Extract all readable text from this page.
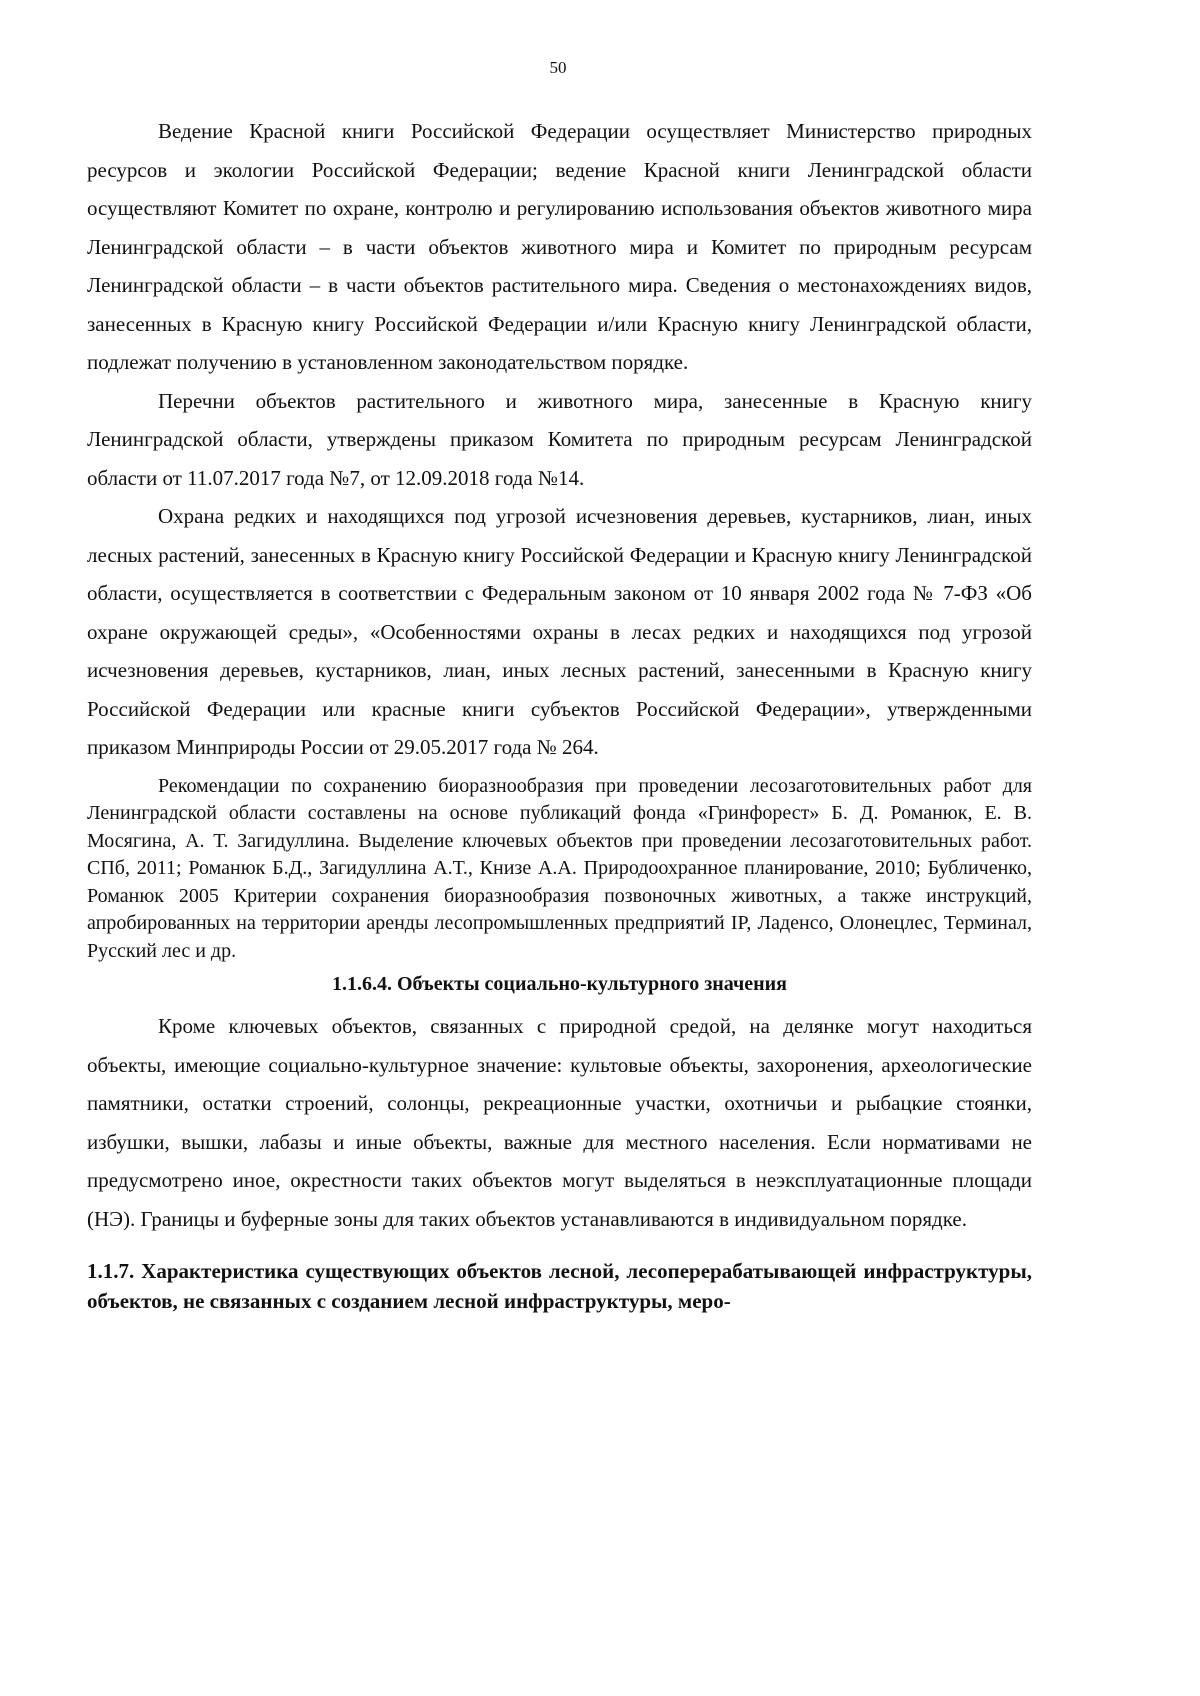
50

Ведение Красной книги Российской Федерации осуществляет Министерство природных ресурсов и экологии Российской Федерации; ведение Красной книги Ленинградской области осуществляют Комитет по охране, контролю и регулированию использования объектов животного мира Ленинградской области – в части объектов животного мира и Комитет по природным ресурсам Ленинградской области – в части объектов растительного мира. Сведения о местонахождениях видов, занесенных в Красную книгу Российской Федерации и/или Красную книгу Ленинградской области, подлежат получению в установленном законодательством порядке.

Перечни объектов растительного и животного мира, занесенные в Красную книгу Ленинградской области, утверждены приказом Комитета по природным ресурсам Ленинградской области от 11.07.2017 года №7, от 12.09.2018 года №14.

Охрана редких и находящихся под угрозой исчезновения деревьев, кустарников, лиан, иных лесных растений, занесенных в Красную книгу Российской Федерации и Красную книгу Ленинградской области, осуществляется в соответствии с Федеральным законом от 10 января 2002 года № 7-ФЗ «Об охране окружающей среды», «Особенностями охраны в лесах редких и находящихся под угрозой исчезновения деревьев, кустарников, лиан, иных лесных растений, занесенными в Красную книгу Российской Федерации или красные книги субъектов Российской Федерации», утвержденными приказом Минприроды России от 29.05.2017 года № 264.

Рекомендации по сохранению биоразнообразия при проведении лесозаготовительных работ для Ленинградской области составлены на основе публикаций фонда «Гринфорест» Б. Д. Романюк, Е. В. Мосягина, А. Т. Загидуллина. Выделение ключевых объектов при проведении лесозаготовительных работ. СПб, 2011; Романюк Б.Д., Загидуллина А.Т., Книзе А.А. Природоохранное планирование, 2010; Бубличенко, Романюк 2005 Критерии сохранения биоразнообразия позвоночных животных, а также инструкций, апробированных на территории аренды лесопромышленных предприятий IP, Ладенсо, Олонецлес, Терминал, Русский лес и др.

1.1.6.4. Объекты социально-культурного значения

Кроме ключевых объектов, связанных с природной средой, на делянке могут находиться объекты, имеющие социально-культурное значение: культовые объекты, захоронения, археологические памятники, остатки строений, солонцы, рекреационные участки, охотничьи и рыбацкие стоянки, избушки, вышки, лабазы и иные объекты, важные для местного населения. Если нормативами не предусмотрено иное, окрестности таких объектов могут выделяться в неэксплуатационные площади (НЭ). Границы и буферные зоны для таких объектов устанавливаются в индивидуальном порядке.

1.1.7. Характеристика существующих объектов лесной, лесоперерабатывающей инфраструктуры, объектов, не связанных с созданием лесной инфраструктуры, меро-
